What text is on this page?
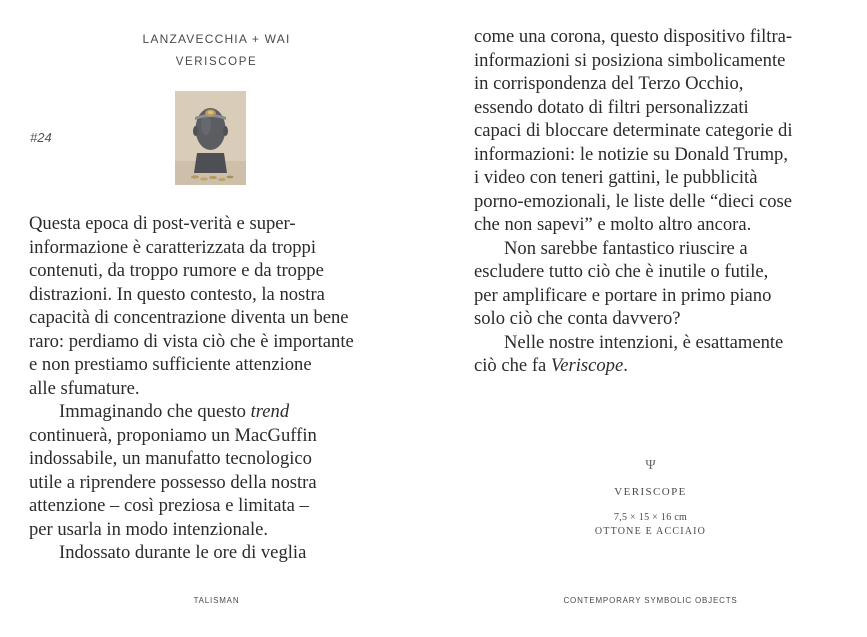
LANZAVECCHIA + WAI
VERISCOPE
#24
Questa epoca di post-verità e super-
informazione è caratterizzata da troppi
contenuti, da troppo rumore e da troppe
distrazioni. In questo contesto, la nostra
capacità di concentrazione diventa un bene
raro: perdiamo di vista ciò che è importante
e non prestiamo sufficiente attenzione
alle sfumature.
Immaginando che questo trend
continuerà, proponiamo un MacGuffin
indossabile, un manufatto tecnologico
utile a riprendere possesso della nostra
attenzione – così preziosa e limitata –
per usarla in modo intenzionale.
Indossato durante le ore di veglia
TALISMAN
come una corona, questo dispositivo filtra-
informazioni si posiziona simbolicamente
in corrispondenza del Terzo Occhio,
essendo dotato di filtri personalizzati
capaci di bloccare determinate categorie di
informazioni: le notizie su Donald Trump,
i video con teneri gattini, le pubblicità
porno-emozionali, le liste delle “dieci cose
che non sapevi” e molto altro ancora.
Non sarebbe fantastico riuscire a
escludere tutto ciò che è inutile o futile,
per amplificare e portare in primo piano
solo ciò che conta davvero?
Nelle nostre intenzioni, è esattamente
ciò che fa Veriscope.
Ψ
VERISCOPE
7,5 × 15 × 16 cm
OTTONE E ACCIAIO
CONTEMPORARY SYMBOLIC OBJECTS
